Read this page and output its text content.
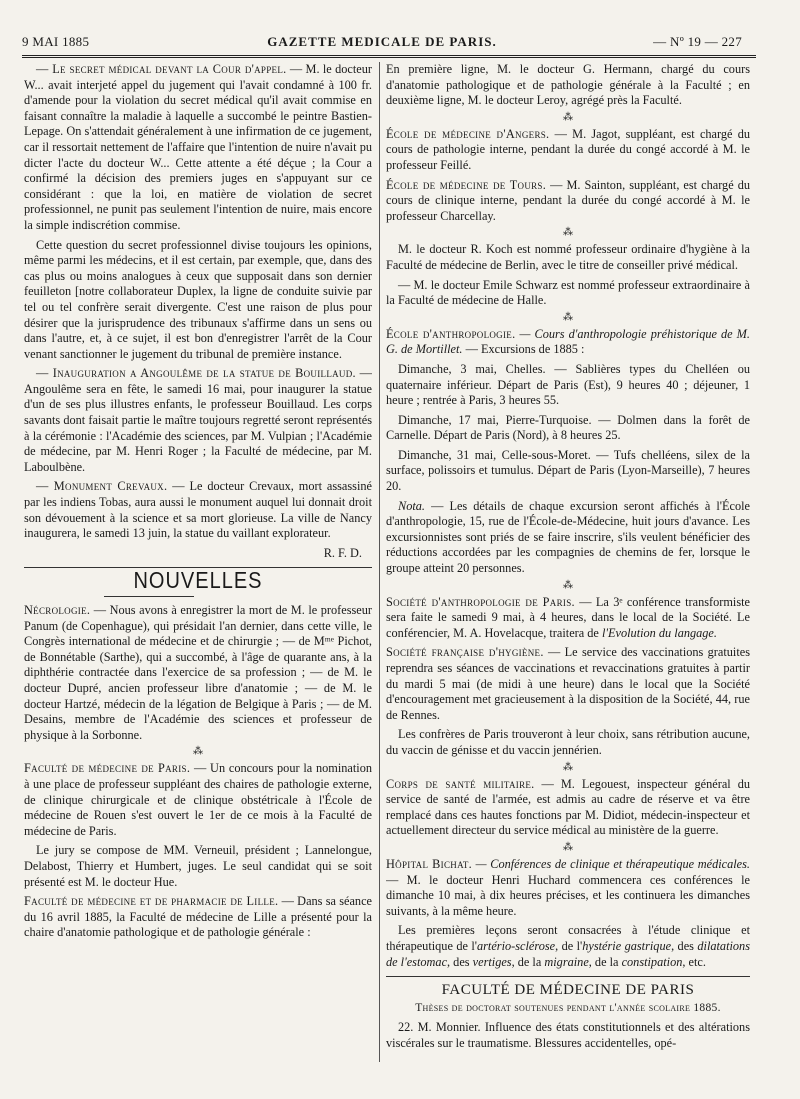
9 MAI 1885	GAZETTE MEDICALE DE PARIS.	— Nº 19 — 227

— Le secret médical devant la Cour d'appel. — M. le docteur W... avait interjeté appel du jugement qui l'avait condamné à 100 fr. d'amende pour la violation du secret médical qu'il avait commise en faisant connaître la maladie à laquelle a succombé le peintre Bastien-Lepage. On s'attendait généralement à une infirmation de ce jugement, car il ressortait nettement de l'affaire que l'intention de nuire n'avait pu dicter l'acte du docteur W... Cette attente a été déçue ; la Cour a confirmé la décision des premiers juges en s'appuyant sur ce considérant : que la loi, en matière de violation de secret professionnel, ne punit pas seulement l'intention de nuire, mais encore la simple indiscrétion commise.

Cette question du secret professionnel divise toujours les opinions, même parmi les médecins, et il est certain, par exemple, que, dans des cas plus ou moins analogues à ceux que supposait dans son dernier feuilleton [notre collaborateur Duplex, la ligne de conduite suivie par tel ou tel confrère serait divergente. C'est une raison de plus pour désirer que la jurisprudence des tribunaux s'affirme dans un sens ou dans l'autre, et, à ce sujet, il est bon d'enregistrer l'arrêt de la Cour venant sanctionner le jugement du tribunal de première instance.

— Inauguration a Angoulême de la statue de Bouillaud. — Angoulême sera en fête, le samedi 16 mai, pour inaugurer la statue d'un de ses plus illustres enfants, le professeur Bouillaud. Les corps savants dont faisait partie le maître toujours regretté seront représentés à la cérémonie : l'Académie des sciences, par M. Vulpian ; l'Académie de médecine, par M. Henri Roger ; la Faculté de médecine, par M. Laboulbène.

— Monument Crevaux. — Le docteur Crevaux, mort assassiné par les indiens Tobas, aura aussi le monument auquel lui donnait droit son dévouement à la science et sa mort glorieuse. La ville de Nancy inaugurera, le samedi 13 juin, la statue du vaillant explorateur.

R. F. D.
NOUVELLES

Nécrologie. — Nous avons à enregistrer la mort de M. le professeur Panum (de Copenhague), qui présidait l'an dernier, dans cette ville, le Congrès international de médecine et de chirurgie ; — de Mᵐᵉ Pichot, de Bonnétable (Sarthe), qui a succombé, à l'âge de quarante ans, à la diphthérie contractée dans l'exercice de sa profession ; — de M. le docteur Dupré, ancien professeur libre d'anatomie ; — de M. le docteur Hartzé, médecin de la légation de Belgique à Paris ; — de M. Desains, membre de l'Académie des sciences et professeur de physique à la Sorbonne.

⁂

Faculté de médecine de Paris. — Un concours pour la nomination à une place de professeur suppléant des chaires de pathologie externe, de clinique chirurgicale et de clinique obstétricale à l'École de médecine de Rouen s'est ouvert le 1er de ce mois à la Faculté de médecine de Paris.

Le jury se compose de MM. Verneuil, président ; Lannelongue, Delabost, Thierry et Humbert, juges. Le seul candidat qui se soit présenté est M. le docteur Hue.

Faculté de médecine et de pharmacie de Lille. — Dans sa séance du 16 avril 1885, la Faculté de médecine de Lille a présenté pour la chaire d'anatomie pathologique et de pathologie générale :

En première ligne, M. le docteur G. Hermann, chargé du cours d'anatomie pathologique et de pathologie générale à la Faculté ; en deuxième ligne, M. le docteur Leroy, agrégé près la Faculté.

⁂

École de médecine d'Angers. — M. Jagot, suppléant, est chargé du cours de pathologie interne, pendant la durée du congé accordé à M. le professeur Feillé.

École de médecine de Tours. — M. Sainton, suppléant, est chargé du cours de clinique interne, pendant la durée du congé accordé à M. le professeur Charcellay.

⁂

M. le docteur R. Koch est nommé professeur ordinaire d'hygiène à la Faculté de médecine de Berlin, avec le titre de conseiller privé médical.

— M. le docteur Emile Schwarz est nommé professeur extraordinaire à la Faculté de médecine de Halle.

⁂

École d'anthropologie. — Cours d'anthropologie préhistorique de M. G. de Mortillet. — Excursions de 1885 :

Dimanche, 3 mai, Chelles. — Sablières types du Chelléen ou quaternaire inférieur. Départ de Paris (Est), 9 heures 40 ; déjeuner, 1 heure ; rentrée à Paris, 3 heures 55.

Dimanche, 17 mai, Pierre-Turquoise. — Dolmen dans la forêt de Carnelle. Départ de Paris (Nord), à 8 heures 25.

Dimanche, 31 mai, Celle-sous-Moret. — Tufs chelléens, silex de la surface, polissoirs et tumulus. Départ de Paris (Lyon-Marseille), 7 heures 20.

Nota. — Les détails de chaque excursion seront affichés à l'École d'anthropologie, 15, rue de l'École-de-Médecine, huit jours d'avance. Les excursionnistes sont priés de se faire inscrire, s'ils veulent bénéficier des réductions accordées par les compagnies de chemins de fer, lorsque le groupe atteint 20 personnes.

⁂

Société d'anthropologie de Paris. — La 3ᵉ conférence transformiste sera faite le samedi 9 mai, à 4 heures, dans le local de la Société. Le conférencier, M. A. Hovelacque, traitera de l'Evolution du langage.

Société française d'hygiène. — Le service des vaccinations gratuites reprendra ses séances de vaccinations et revaccinations gratuites à partir du mardi 5 mai (de midi à une heure) dans le local que la Société d'encouragement met gracieusement à la disposition de la Société, 44, rue de Rennes.

Les confrères de Paris trouveront à leur choix, sans rétribution aucune, du vaccin de génisse et du vaccin jennérien.

⁂

Corps de santé militaire. — M. Legouest, inspecteur général du service de santé de l'armée, est admis au cadre de réserve et va être remplacé dans ces hautes fonctions par M. Didiot, médecin-inspecteur et actuellement directeur du service médical au ministère de la guerre.

⁂

Hôpital Bichat. — Conférences de clinique et thérapeutique médicales. — M. le docteur Henri Huchard commencera ces conférences le dimanche 10 mai, à dix heures précises, et les continuera les dimanches suivants, à la même heure.

Les premières leçons seront consacrées à l'étude clinique et thérapeutique de l'artério-sclérose, de l'hystérie gastrique, des dilatations de l'estomac, des vertiges, de la migraine, de la constipation, etc.

FACULTÉ DE MÉDECINE DE PARIS
Thèses de doctorat soutenues pendant l'année scolaire 1885.

22. M. Monnier. Influence des états constitutionnels et des altérations viscérales sur le traumatisme. Blessures accidentelles, opé-
